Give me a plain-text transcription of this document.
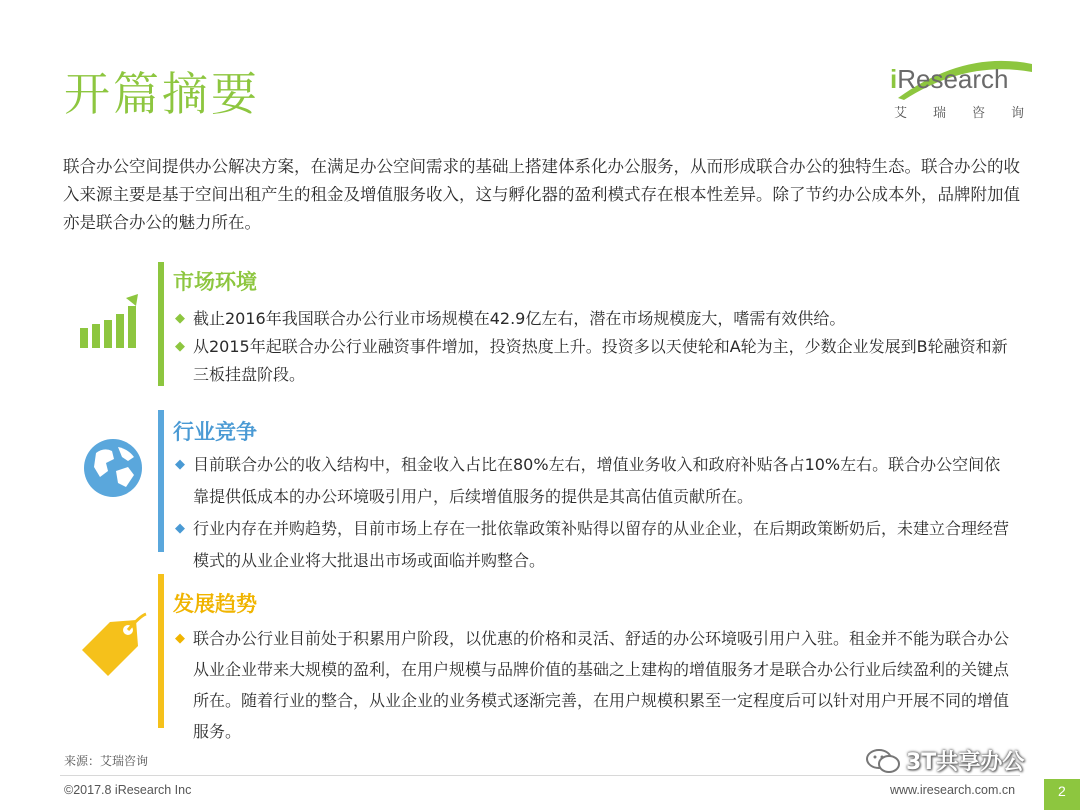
开篇摘要	iResearch
艾 瑞 咨 询

联合办公空间提供办公解决方案，在满足办公空间需求的基础上搭建体系化办公服务，从而形成联合办公的独特生态。联合办公的收入来源主要是基于空间出租产生的租金及增值服务收入，这与孵化器的盈利模式存在根本性差异。除了节约办公成本外，品牌附加值亦是联合办公的魅力所在。

市场环境
◆ 截止2016年我国联合办公行业市场规模在42.9亿左右，潜在市场规模庞大，嗜需有效供给。
◆ 从2015年起联合办公行业融资事件增加，投资热度上升。投资多以天使轮和A轮为主，少数企业发展到B轮融资和新三板挂盘阶段。
行业竞争
◆ 目前联合办公的收入结构中，租金收入占比在80%左右，增值业务收入和政府补贴各占10%左右。联合办公空间依靠提供低成本的办公环境吸引用户，后续增值服务的提供是其高估值贡献所在。
◆ 行业内存在并购趋势，目前市场上存在一批依靠政策补贴得以留存的从业企业，在后期政策断奶后，未建立合理经营模式的从业企业将大批退出市场或面临并购整合。
发展趋势
◆ 联合办公行业目前处于积累用户阶段，以优惠的价格和灵活、舒适的办公环境吸引用户入驻。租金并不能为联合办公从业企业带来大规模的盈利，在用户规模与品牌价值的基础之上建构的增值服务才是联合办公行业后续盈利的关键点所在。随着行业的整合，从业企业的业务模式逐渐完善，在用户规模积累至一定程度后可以针对用户开展不同的增值服务。
来源：艾瑞咨询
©2017.8 iResearch Inc	www.iresearch.com.cn	2
3T共享办公
